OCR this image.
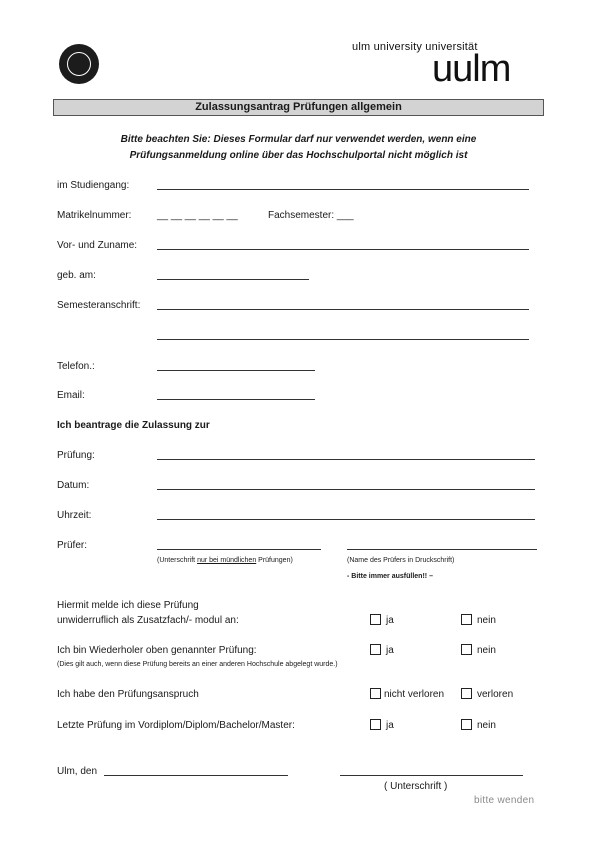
ulm university universität
uulm
Zulassungsantrag Prüfungen allgemein
Bitte beachten Sie: Dieses Formular darf nur verwendet werden, wenn eine
Prüfungsanmeldung online über das Hochschulportal nicht möglich ist
im Studiengang:
Matrikelnummer:	__ __ __ __ __ __	Fachsemester: ___
Vor- und Zuname:
geb. am:
Semesteranschrift:
Telefon.:
Email:
Ich beantrage die Zulassung zur
Prüfung:
Datum:
Uhrzeit:
Prüfer:
(Unterschrift nur bei mündlichen Prüfungen)	(Name des Prüfers in Druckschrift)
- Bitte immer ausfüllen!! –
Hiermit melde ich diese Prüfung
unwiderruflich als Zusatzfach/- modul an:	ja	nein
Ich bin Wiederholer oben genannter Prüfung:
(Dies gilt auch, wenn diese Prüfung bereits an einer anderen Hochschule abgelegt wurde.)
ja	nein
Ich habe den Prüfungsanspruch	nicht verloren	verloren
Letzte Prüfung im Vordiplom/Diplom/Bachelor/Master:	ja	nein
Ulm, den
( Unterschrift )
bitte wenden
